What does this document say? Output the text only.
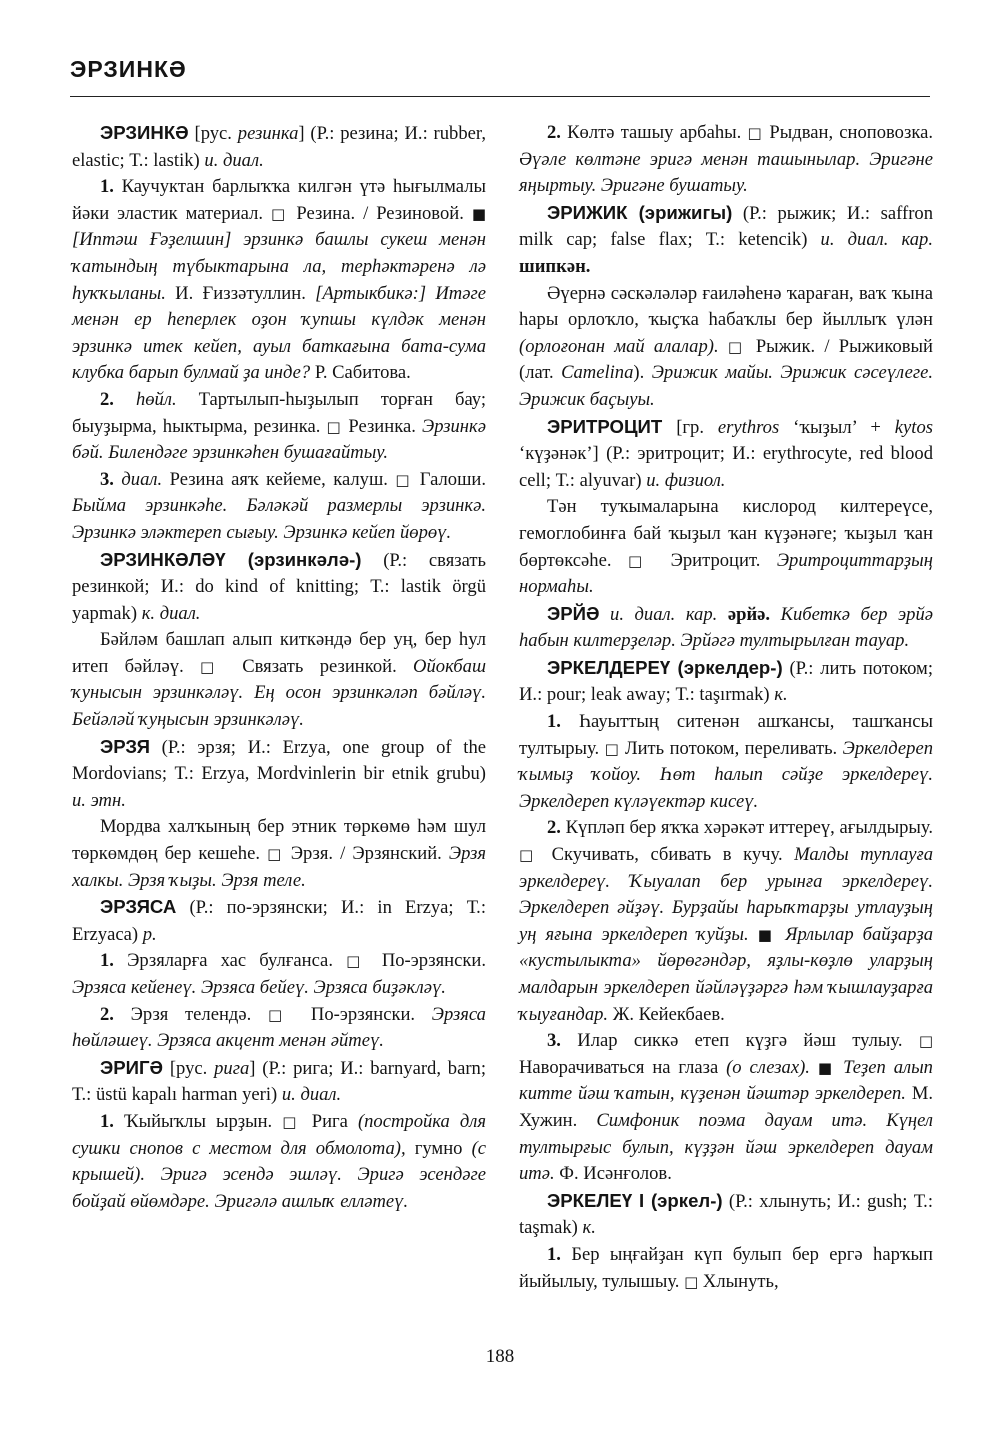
ЭРЗИНКӘ

ЭРЗИНКӘ [рус. резинка] (Р.: резина; И.: rubber, elastic; Т.: lastik) и. диал.

1. Каучуктан барлыҡҡа килгән үтә һығылмалы йәки эластик материал. □ Резина. / Резиновой. ■ [Иптәш Ғәҙелшин] эрзинкә башлы сукеш менән ҡатындың түбыктарына ла, терһәктәренә лә һуҡҡыланы. И. Ғиззәтуллин. [Артыкбикә:] Итәге менән ер һеперлек оҙон ҡупшы күлдәк менән эрзинкә итек кейеп, ауыл баткағына бата-сума клубка барып булмай ҙа инде? Р. Сабитова.

2. һөйл. Тартылып-һыҙылып торған бау; быуҙырма, һыктырма, резинка. □ Резинка. Эрзинкә бәй. Билендәге эрзинкәһен бушағайтыу.

3. диал. Резина аяҡ кейеме, калуш. □ Галоши. Быйма эрзинкәһе. Бәләкәй размерлы эрзинкә. Эрзинкә эләктереп сығыу. Эрзинкә кейеп йөрөү.

ЭРЗИНКӘЛӘҮ (эрзинкәлә-) (Р.: связать резинкой; И.: do kind of knitting; Т.: lastik örgü yapmak) к. диал.

Бәйләм башлап алып киткәндә бер уң, бер һул итеп бәйләү. □ Связать резинкой. Ойокбаш ҡуныcын эрзинкәләү. Ең осон эрзинкәләп бәйләү. Бейәләй ҡуңысын эрзинкәләү.

ЭРЗЯ (Р.: эрзя; И.: Erzya, one group of the Mordovians; Т.: Erzya, Mordvinlerin bir etnik grubu) и. этн.

Мордва халҡының бер этник төркөмө һәм шул төркөмдөң бер кешеһе. □ Эрзя. / Эрзянский. Эрзя халкы. Эрзя ҡыҙы. Эрзя теле.

ЭРЗЯСА (Р.: по-эрзянски; И.: in Erzya; Т.: Erzyaca) р.

1. Эрзяларға хас булғанса. □ По-эрзянски. Эрзяса кейенеү. Эрзяса бейеү. Эрзяса биҙәкләү.

2. Эрзя телендә. □ По-эрзянски. Эрзяса һөйләшеү. Эрзяса акцент менән әйтеү.

ЭРИГӘ [рус. рига] (Р.: рига; И.: barnyard, barn; Т.: üstü kapalı harman yeri) и. диал.

1. Ҡыйыҡлы ырҙын. □ Рига (постройка для сушки снопов с местом для обмолота), гумно (с крышей). Эригә эсендә эшләү. Эригә эсендәге бойҙай өйөмдәре. Эригәлә ашлыҡ елләтеү.

2. Көлтә ташыу арбаһы. □ Рыдван, сноповозка. Әүәле көлтәне эригә менән ташынылар. Эригәне яңыртыу. Эригәне бушатыу.

ЭРИЖИК (эрижигы) (Р.: рыжик; И.: saffron milk cap; false flax; Т.: ketencik) и. диал. кар. шипкән.

Әүернә сәскәләләр ғаиләһенә ҡараған, ваҡ ҡына һары орлоҡло, ҡыҫҡа һабаҡлы бер йыллыҡ үлән (орлоғонан май алалар). □ Рыжик. / Рыжиковый (лат. Camelina). Эрижик майы. Эрижик сәсеүлеге. Эрижик баҫыуы.

ЭРИТРОЦИТ [гр. erythros ‘ҡыҙыл’ + kytos ‘күҙәнәк’] (Р.: эритроцит; И.: erythrocyte, red blood cell; Т.: alyuvar) и. физиол.

Тән туҡымаларына кислород килтереүсе, гемоглобинға бай ҡыҙыл ҡан күҙәнәге; ҡыҙыл ҡан бөртөксәһе. □ Эритроцит. Эритроциттарҙың нормаһы.

ЭРЙӘ и. диал. кар. әрйә. Кибеткә бер эрйә һабын килтерҙеләр. Эрйәгә тултырылған тауар.

ЭРКЕЛДЕРЕҮ (эркелдер-) (Р.: лить потоком; И.: pour; leak away; Т.: taşırmak) к.

1. Һауыттың ситенән ашҡансы, ташҡансы тултырыу. □ Лить потоком, переливать. Эркелдереп ҡымыҙ ҡойоу. Һөт һалып сәйҙе эркелдереү. Эркелдереп күләүектәр кисеү.

2. Күпләп бер яҡҡа хәрәкәт иттереү, ағылдырыу. □ Скучивать, сбивать в кучу. Малды туплауға эркелдереү. Ҡыуалап бер урынға эркелдереү. Эркелдереп әйҙәү. Бурҙайы һарыҡтарҙы утлауҙың уң яғына эркелдереп ҡуйҙы. ■ Ярлылар байҙарҙа «кустылыкта» йөрөгәндәр, яҙлы-көҙлө уларҙың малдарын эркелдереп йәйләүҙәргә һәм ҡышлауҙарға ҡыуғандар. Ж. Кейекбаев.

3. Илар сиккә етеп күҙгә йәш тулыу. □ Наворачиваться на глаза (о слезах). ■ Теҙеп алып китте йәш ҡатын, күҙенән йәштәр эркелдереп. М. Хужин. Симфоник поэма дауам итә. Күңел тултырғыс булып, күҙҙән йәш эркелдереп дауам итә. Ф. Исәнғолов.

ЭРКЕЛЕҮ I (эркел-) (Р.: хлынуть; И.: gush; Т.: taşmak) к.

1. Бер ыңғайҙан күп булып бер ергә һарҡып йыйылыу, тулышыу. □ Хлынуть,

188
